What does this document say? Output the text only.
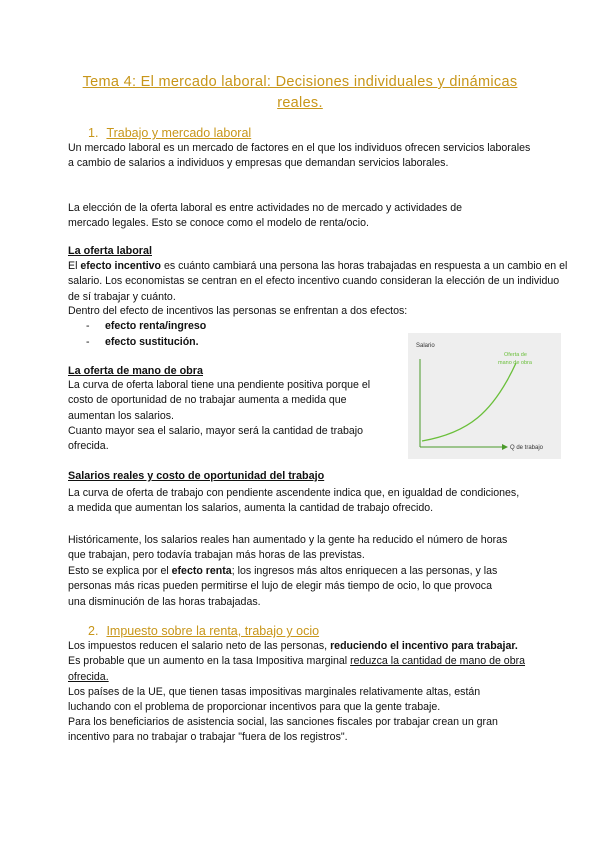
Tema 4: El mercado laboral: Decisiones individuales y dinámicas reales.
1. Trabajo y mercado laboral
Un mercado laboral es un mercado de factores en el que los individuos ofrecen servicios laborales a cambio de salarios a individuos y empresas que demandan servicios laborales.
La elección de la oferta laboral es entre actividades no de mercado y actividades de mercado legales. Esto se conoce como el modelo de renta/ocio.
La oferta laboral
El efecto incentivo es cuánto cambiará una persona las horas trabajadas en respuesta a un cambio en el salario. Los economistas se centran en el efecto incentivo cuando consideran la elección de un individuo de sí trabajar y cuánto.
Dentro del efecto de incentivos las personas se enfrentan a dos efectos:
- efecto renta/ingreso
- efecto sustitución.
La oferta de mano de obra
La curva de oferta laboral tiene una pendiente positiva porque el costo de oportunidad de no trabajar aumenta a medida que aumentan los salarios.
Cuanto mayor sea el salario, mayor será la cantidad de trabajo ofrecida.
Salario
Q de trabajo
Oferta de
mano de obra
Salarios reales y costo de oportunidad del trabajo
La curva de oferta de trabajo con pendiente ascendente indica que, en igualdad de condiciones, a medida que aumentan los salarios, aumenta la cantidad de trabajo ofrecido.
Históricamente, los salarios reales han aumentado y la gente ha reducido el número de horas que trabajan, pero todavía trabajan más horas de las previstas.
Esto se explica por el efecto renta; los ingresos más altos enriquecen a las personas, y las personas más ricas pueden permitirse el lujo de elegir más tiempo de ocio, lo que provoca una disminución de las horas trabajadas.
2. Impuesto sobre la renta, trabajo y ocio
Los impuestos reducen el salario neto de las personas, reduciendo el incentivo para trabajar. Es probable que un aumento en la tasa Impositiva marginal reduzca la cantidad de mano de obra ofrecida.
Los países de la UE, que tienen tasas impositivas marginales relativamente altas, están luchando con el problema de proporcionar incentivos para que la gente trabaje.
Para los beneficiarios de asistencia social, las sanciones fiscales por trabajar crean un gran incentivo para no trabajar o trabajar "fuera de los registros".
